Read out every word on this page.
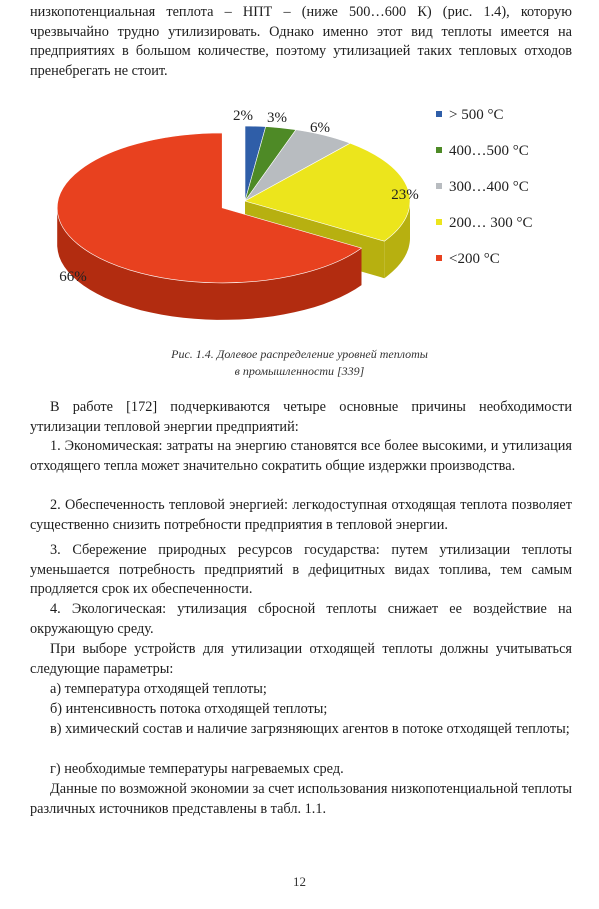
низкопотенциальная теплота – НПТ – (ниже 500…600 К) (рис. 1.4), которую чрезвычайно трудно утилизировать. Однако именно этот вид теплоты имеется на предприятиях в большом количестве, поэтому утилизацией таких тепловых отходов пренебрегать не стоит.

2% 3%
6%
23%
66%
> 500 °C
400…500 °C
300…400 °C
200… 300 °C
<200 °C
Рис. 1.4. Долевое распределение уровней теплоты
в промышленности [339]

В работе [172] подчеркиваются четыре основные причины необходимости утилизации тепловой энергии предприятий:

1. Экономическая: затраты на энергию становятся все более высокими, и утилизация отходящего тепла может значительно сократить общие издержки производства.

2. Обеспеченность тепловой энергией: легкодоступная отходящая теплота позволяет существенно снизить потребности предприятия в тепловой энергии.

3. Сбережение природных ресурсов государства: путем утилизации теплоты уменьшается потребность предприятий в дефицитных видах топлива, тем самым продляется срок их обеспеченности.

4. Экологическая: утилизация сбросной теплоты снижает ее воздействие на окружающую среду.

При выборе устройств для утилизации отходящей теплоты должны учитываться следующие параметры:

а) температура отходящей теплоты;

б) интенсивность потока отходящей теплоты;

в) химический состав и наличие загрязняющих агентов в потоке отходящей теплоты;

г) необходимые температуры нагреваемых сред.

Данные по возможной экономии за счет использования низкопотенциальной теплоты различных источников представлены в табл. 1.1.

12
